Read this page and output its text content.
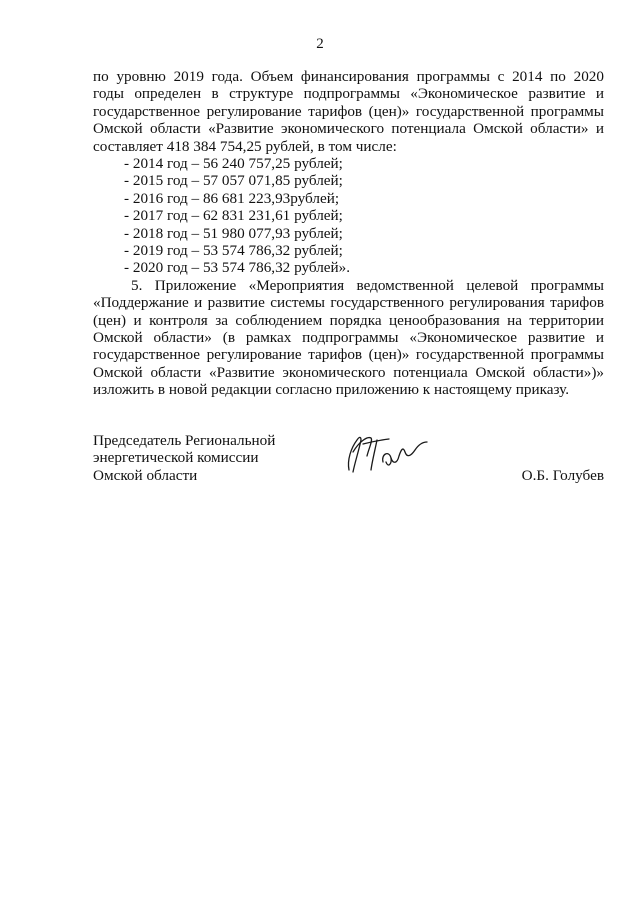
2

по уровню 2019 года. Объем финансирования программы с 2014 по 2020
годы определен в структуре подпрограммы «Экономическое развитие и
государственное регулирование тарифов (цен)» государственной программы
Омской области «Развитие экономического потенциала Омской области» и
составляет 418 384 754,25 рублей, в том числе:

- 2014 год – 56 240 757,25 рублей;
- 2015 год – 57 057 071,85 рублей;
- 2016 год – 86 681 223,93рублей;
- 2017 год – 62 831 231,61 рублей;
- 2018 год – 51 980 077,93 рублей;
- 2019 год – 53 574 786,32 рублей;
- 2020 год – 53 574 786,32 рублей».

5. Приложение «Мероприятия ведомственной целевой программы
«Поддержание и развитие системы государственного регулирования тарифов
(цен) и контроля за соблюдением порядка ценообразования на территории
Омской области» (в рамках подпрограммы «Экономическое развитие и
государственное регулирование тарифов (цен)» государственной программы
Омской области «Развитие экономического потенциала Омской области»)»
изложить в новой редакции согласно приложению к настоящему приказу.

Председатель Региональной
энергетической комиссии
Омской области	О.Б. Голубев
